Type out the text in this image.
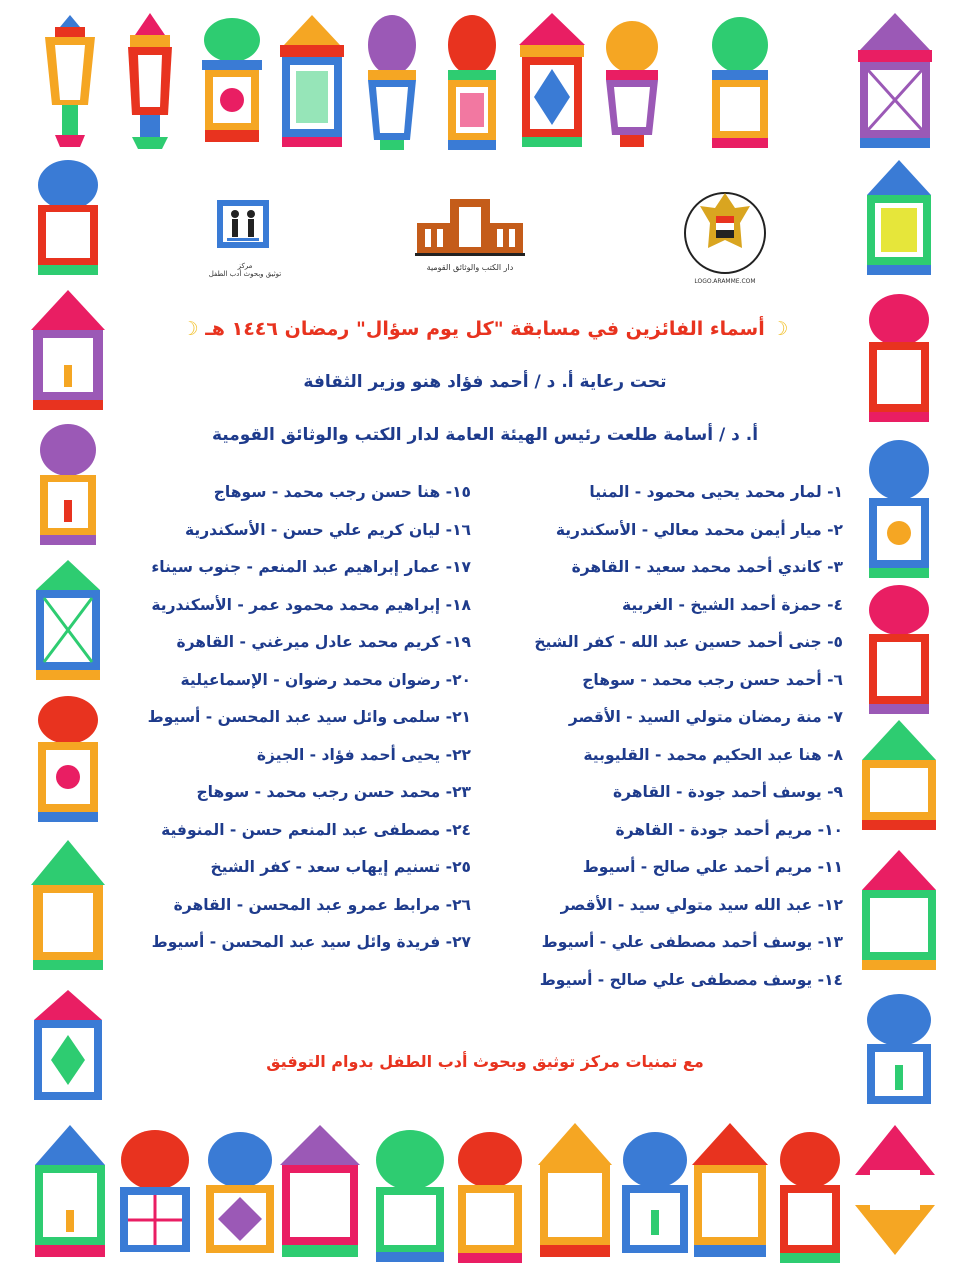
مركز
توثيق وبحوث أدب الطفل
دار الكتب والوثائق القومية
LOGO.ARAMME.COM
☽ أسماء الفائزين في مسابقة "كل يوم سؤال" رمضان ١٤٤٦ هـ ☽
تحت رعاية أ. د / أحمد فؤاد هنو وزير الثقافة
أ. د / أسامة طلعت رئيس الهيئة العامة لدار الكتب والوثائق القومية
١- لمار محمد يحيى محمود - المنيا
٢- ميار أيمن محمد معالي - الأسكندرية
٣- كاندي أحمد محمد سعيد - القاهرة
٤- حمزة أحمد الشيخ - الغربية
٥- جنى أحمد حسين عبد الله - كفر الشيخ
٦- أحمد حسن رجب محمد - سوهاج
٧- منة رمضان متولي السيد - الأقصر
٨- هنا عبد الحكيم محمد - القليوبية
٩- يوسف أحمد جودة - القاهرة
١٠- مريم أحمد جودة - القاهرة
١١- مريم أحمد علي صالح - أسيوط
١٢- عبد الله سيد متولي سيد - الأقصر
١٣- يوسف أحمد مصطفى علي - أسيوط
١٤- يوسف مصطفى علي صالح - أسيوط
١٥- هنا حسن رجب محمد - سوهاج
١٦- ليان كريم علي حسن - الأسكندرية
١٧- عمار إبراهيم عبد المنعم - جنوب سيناء
١٨- إبراهيم محمد محمود عمر - الأسكندرية
١٩- كريم محمد عادل ميرغني - القاهرة
٢٠- رضوان محمد رضوان - الإسماعيلية
٢١- سلمى وائل سيد عبد المحسن - أسيوط
٢٢- يحيى أحمد فؤاد - الجيزة
٢٣- محمد حسن رجب محمد - سوهاج
٢٤- مصطفى عبد المنعم حسن - المنوفية
٢٥- تسنيم إيهاب سعد - كفر الشيخ
٢٦- مرابط عمرو عبد المحسن - القاهرة
٢٧- فريدة وائل سيد عبد المحسن - أسيوط
مع تمنيات مركز توثيق وبحوث أدب الطفل بدوام التوفيق
